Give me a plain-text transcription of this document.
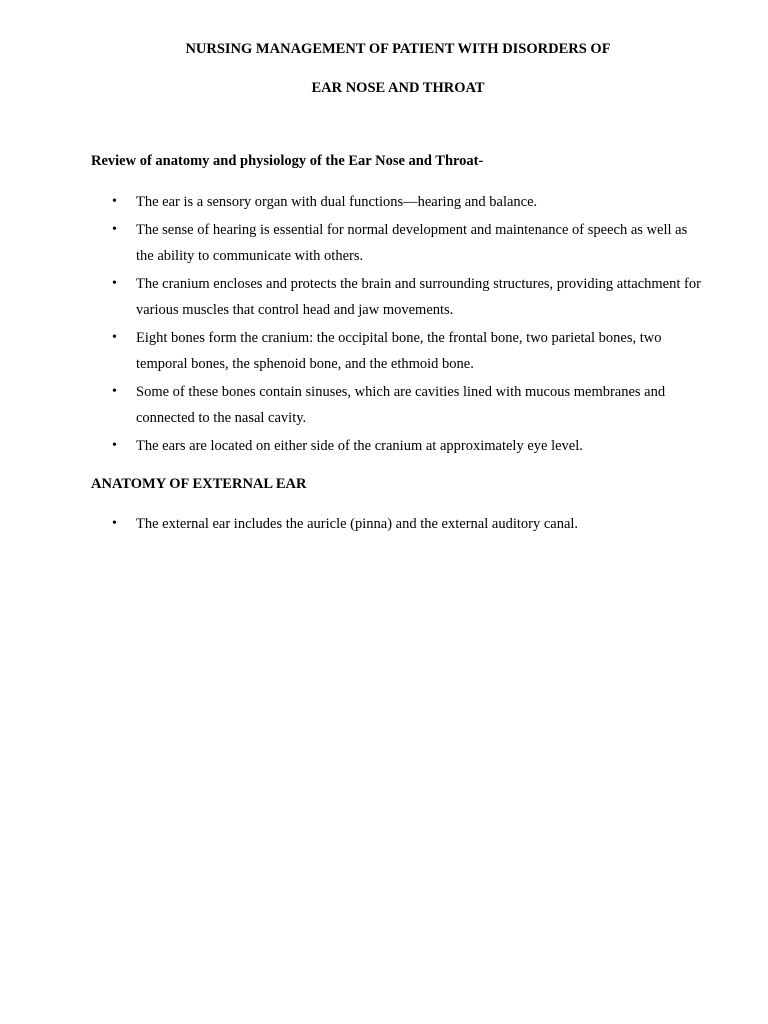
NURSING MANAGEMENT OF PATIENT WITH DISORDERS OF
EAR NOSE AND THROAT
Review of anatomy and physiology of the Ear Nose and Throat-
• The ear is a sensory organ with dual functions—hearing and balance.
• The sense of hearing is essential for normal development and maintenance of speech as well as the ability to communicate with others.
• The cranium encloses and protects the brain and surrounding structures, providing attachment for various muscles that control head and jaw movements.
• Eight bones form the cranium: the occipital bone, the frontal bone, two parietal bones, two temporal bones, the sphenoid bone, and the ethmoid bone.
• Some of these bones contain sinuses, which are cavities lined with mucous membranes and connected to the nasal cavity.
• The ears are located on either side of the cranium at approximately eye level.
ANATOMY OF EXTERNAL EAR
• The external ear includes the auricle (pinna) and the external auditory canal.
